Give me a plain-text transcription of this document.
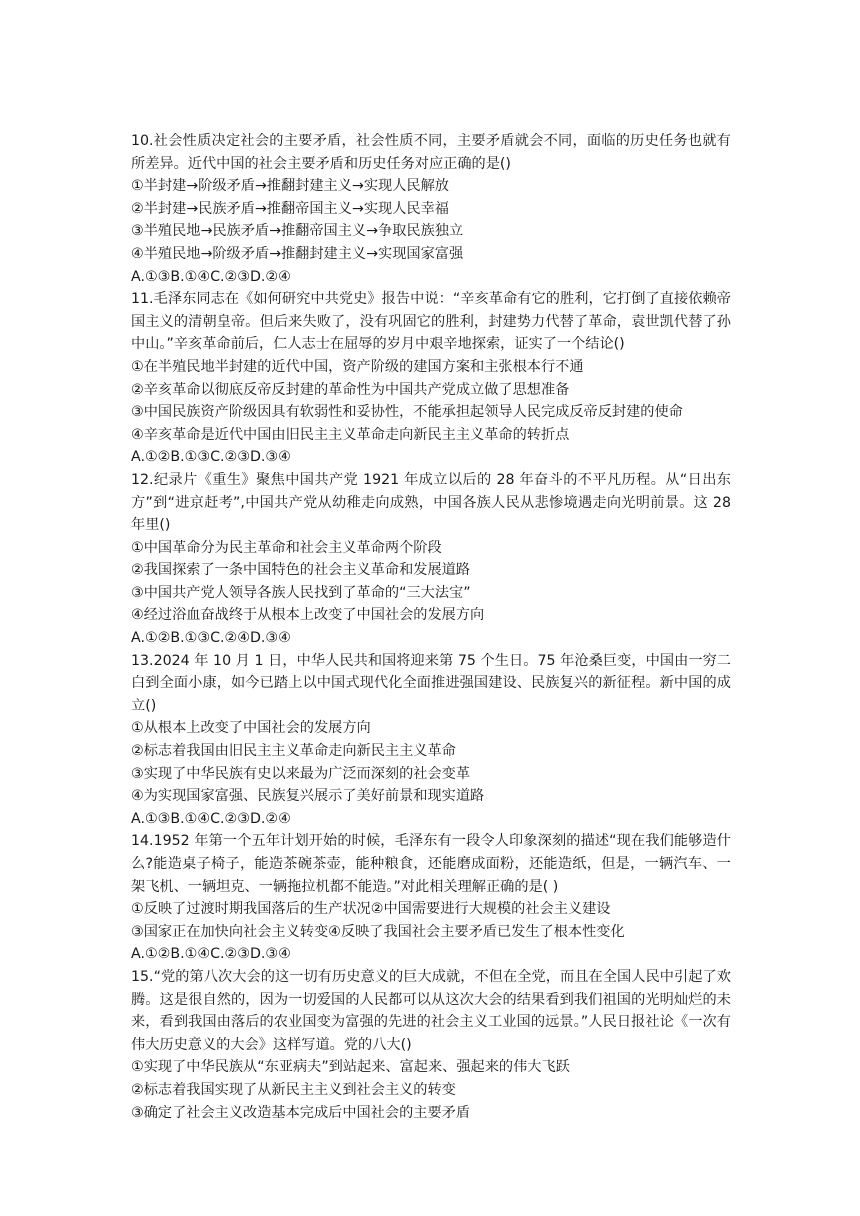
10.社会性质决定社会的主要矛盾，社会性质不同，主要矛盾就会不同，面临的历史任务也就有所差异。近代中国的社会主要矛盾和历史任务对应正确的是()

①半封建→阶级矛盾→推翻封建主义→实现人民解放

②半封建→民族矛盾→推翻帝国主义→实现人民幸福

③半殖民地→民族矛盾→推翻帝国主义→争取民族独立

④半殖民地→阶级矛盾→推翻封建主义→实现国家富强

A.①③B.①④C.②③D.②④

11.毛泽东同志在《如何研究中共党史》报告中说：“辛亥革命有它的胜利，它打倒了直接依赖帝国主义的清朝皇帝。但后来失败了，没有巩固它的胜利，封建势力代替了革命，袁世凯代替了孙中山。”辛亥革命前后，仁人志士在屈辱的岁月中艰辛地探索，证实了一个结论()

①在半殖民地半封建的近代中国，资产阶级的建国方案和主张根本行不通

②辛亥革命以彻底反帝反封建的革命性为中国共产党成立做了思想准备

③中国民族资产阶级因具有软弱性和妥协性，不能承担起领导人民完成反帝反封建的使命

④辛亥革命是近代中国由旧民主主义革命走向新民主主义革命的转折点

A.①②B.①③C.②③D.③④

12.纪录片《重生》聚焦中国共产党 1921 年成立以后的 28 年奋斗的不平凡历程。从“日出东方”到“进京赶考”,中国共产党从幼稚走向成熟，中国各族人民从悲惨境遇走向光明前景。这 28 年里()

①中国革命分为民主革命和社会主义革命两个阶段

②我国探索了一条中国特色的社会主义革命和发展道路

③中国共产党人领导各族人民找到了革命的“三大法宝”

④经过浴血奋战终于从根本上改变了中国社会的发展方向

A.①②B.①③C.②④D.③④

13.2024 年 10 月 1 日，中华人民共和国将迎来第 75 个生日。75 年沧桑巨变，中国由一穷二白到全面小康，如今已踏上以中国式现代化全面推进强国建设、民族复兴的新征程。新中国的成立()

①从根本上改变了中国社会的发展方向

②标志着我国由旧民主主义革命走向新民主主义革命

③实现了中华民族有史以来最为广泛而深刻的社会变革

④为实现国家富强、民族复兴展示了美好前景和现实道路

A.①③B.①④C.②③D.②④

14.1952 年第一个五年计划开始的时候，毛泽东有一段令人印象深刻的描述“现在我们能够造什么?能造桌子椅子，能造茶碗茶壶，能种粮食，还能磨成面粉，还能造纸，但是，一辆汽车、一架飞机、一辆坦克、一辆拖拉机都不能造。”对此相关理解正确的是( )

①反映了过渡时期我国落后的生产状况②中国需要进行大规模的社会主义建设

③国家正在加快向社会主义转变④反映了我国社会主要矛盾已发生了根本性变化

A.①②B.①④C.②③D.③④

15.“党的第八次大会的这一切有历史意义的巨大成就，不但在全党，而且在全国人民中引起了欢腾。这是很自然的，因为一切爱国的人民都可以从这次大会的结果看到我们祖国的光明灿烂的未来，看到我国由落后的农业国变为富强的先进的社会主义工业国的远景。”人民日报社论《一次有伟大历史意义的大会》这样写道。党的八大()

①实现了中华民族从“东亚病夫”到站起来、富起来、强起来的伟大飞跃

②标志着我国实现了从新民主主义到社会主义的转变

③确定了社会主义改造基本完成后中国社会的主要矛盾
